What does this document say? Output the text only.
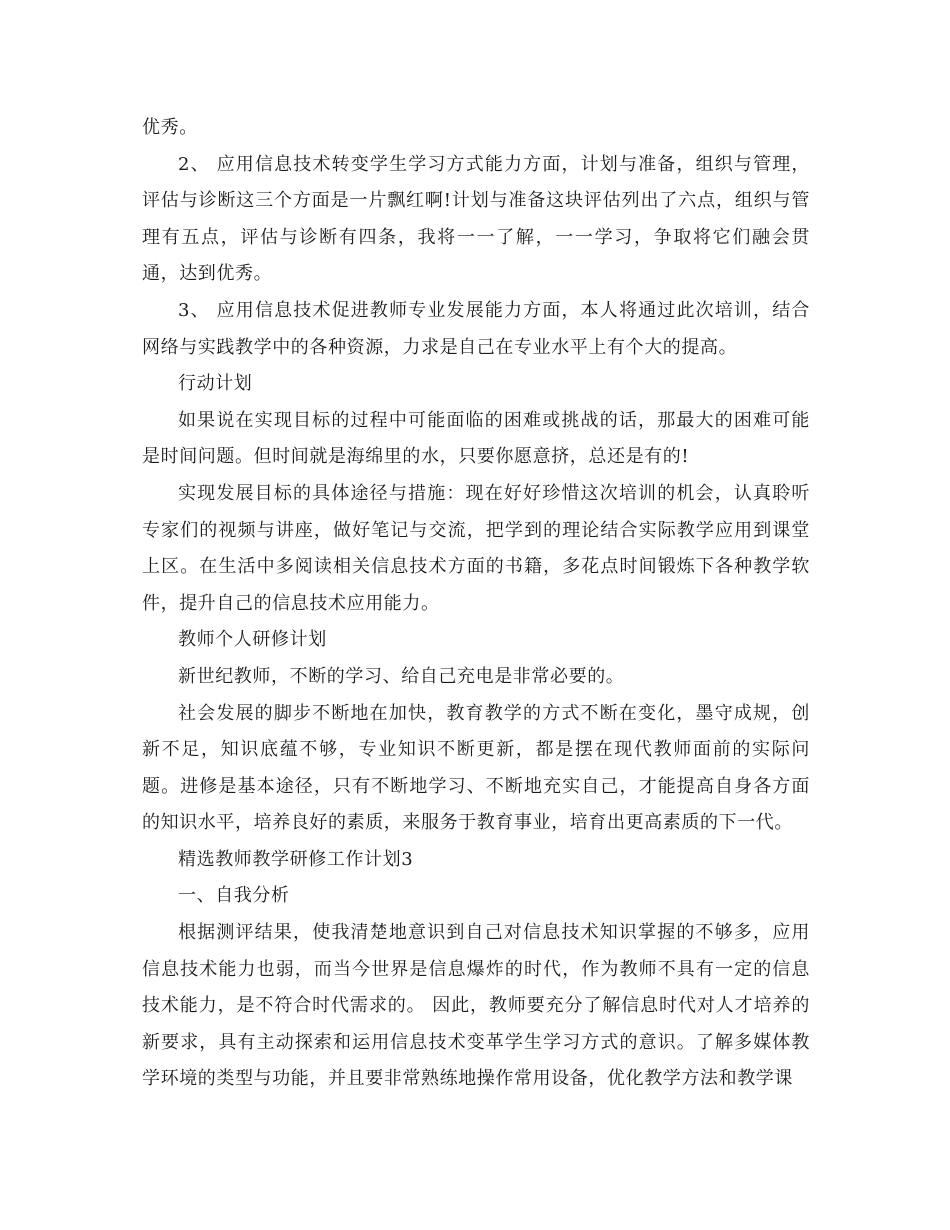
优秀。

2、 应用信息技术转变学生学习方式能力方面，计划与准备，组织与管理，评估与诊断这三个方面是一片飘红啊!计划与准备这块评估列出了六点，组织与管理有五点，评估与诊断有四条，我将一一了解，一一学习，争取将它们融会贯通，达到优秀。

3、 应用信息技术促进教师专业发展能力方面，本人将通过此次培训，结合网络与实践教学中的各种资源，力求是自己在专业水平上有个大的提高。

行动计划

如果说在实现目标的过程中可能面临的困难或挑战的话，那最大的困难可能是时间问题。但时间就是海绵里的水，只要你愿意挤，总还是有的!

实现发展目标的具体途径与措施：现在好好珍惜这次培训的机会，认真聆听专家们的视频与讲座，做好笔记与交流，把学到的理论结合实际教学应用到课堂上区。在生活中多阅读相关信息技术方面的书籍，多花点时间锻炼下各种教学软件，提升自己的信息技术应用能力。

教师个人研修计划

新世纪教师，不断的学习、给自己充电是非常必要的。

社会发展的脚步不断地在加快，教育教学的方式不断在变化，墨守成规，创新不足，知识底蕴不够，专业知识不断更新，都是摆在现代教师面前的实际问题。进修是基本途径，只有不断地学习、不断地充实自己，才能提高自身各方面的知识水平，培养良好的素质，来服务于教育事业，培育出更高素质的下一代。

精选教师教学研修工作计划3

一、自我分析

根据测评结果，使我清楚地意识到自己对信息技术知识掌握的不够多，应用信息技术能力也弱，而当今世界是信息爆炸的时代，作为教师不具有一定的信息技术能力，是不符合时代需求的。 因此，教师要充分了解信息时代对人才培养的新要求，具有主动探索和运用信息技术变革学生学习方式的意识。了解多媒体教学环境的类型与功能，并且要非常熟练地操作常用设备，优化教学方法和教学课
